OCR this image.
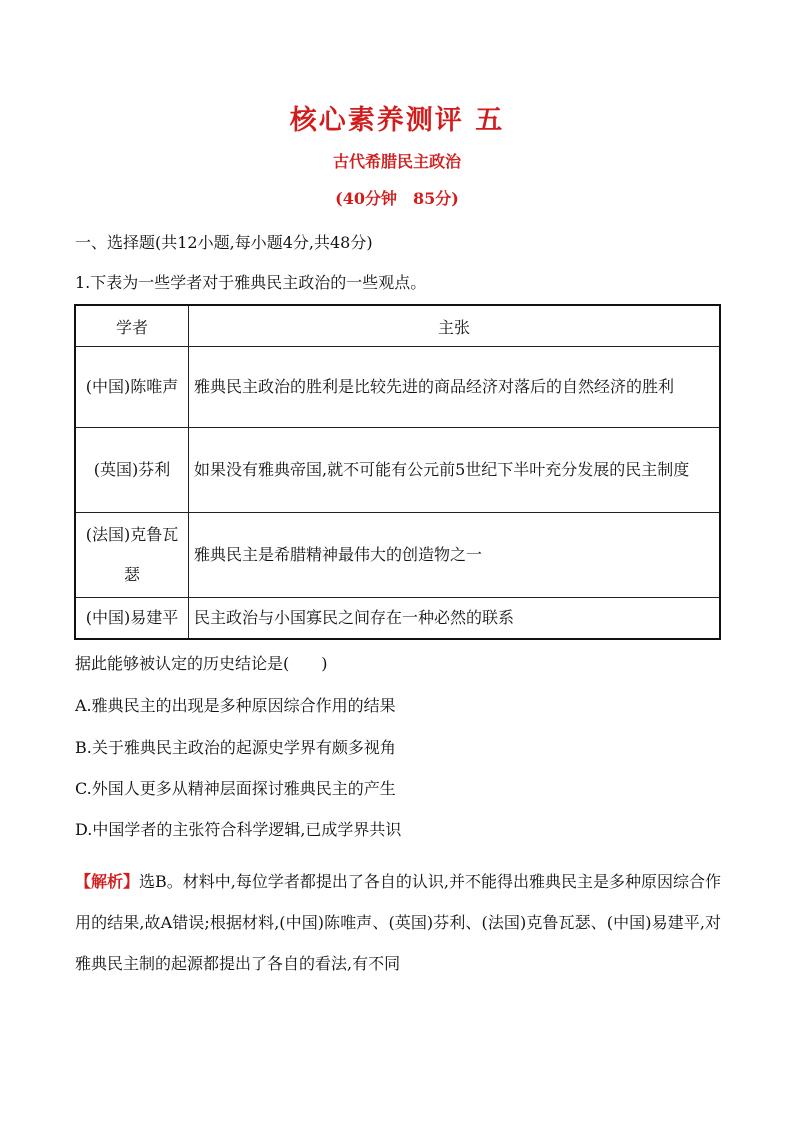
核心素养测评 五
古代希腊民主政治
(40分钟　85分)
一、选择题(共12小题,每小题4分,共48分)
1.下表为一些学者对于雅典民主政治的一些观点。
学者	主张
(中国)陈唯声	雅典民主政治的胜利是比较先进的商品经济对落后的自然经济的胜利
(英国)芬利	如果没有雅典帝国,就不可能有公元前5世纪下半叶充分发展的民主制度
(法国)克鲁瓦瑟	雅典民主是希腊精神最伟大的创造物之一
(中国)易建平	民主政治与小国寡民之间存在一种必然的联系
据此能够被认定的历史结论是(　　)
A.雅典民主的出现是多种原因综合作用的结果
B.关于雅典民主政治的起源史学界有颇多视角
C.外国人更多从精神层面探讨雅典民主的产生
D.中国学者的主张符合科学逻辑,已成学界共识
【解析】选B。材料中,每位学者都提出了各自的认识,并不能得出雅典民主是多种原因综合作用的结果,故A错误;根据材料,(中国)陈唯声、(英国)芬利、(法国)克鲁瓦瑟、(中国)易建平,对雅典民主制的起源都提出了各自的看法,有不同
